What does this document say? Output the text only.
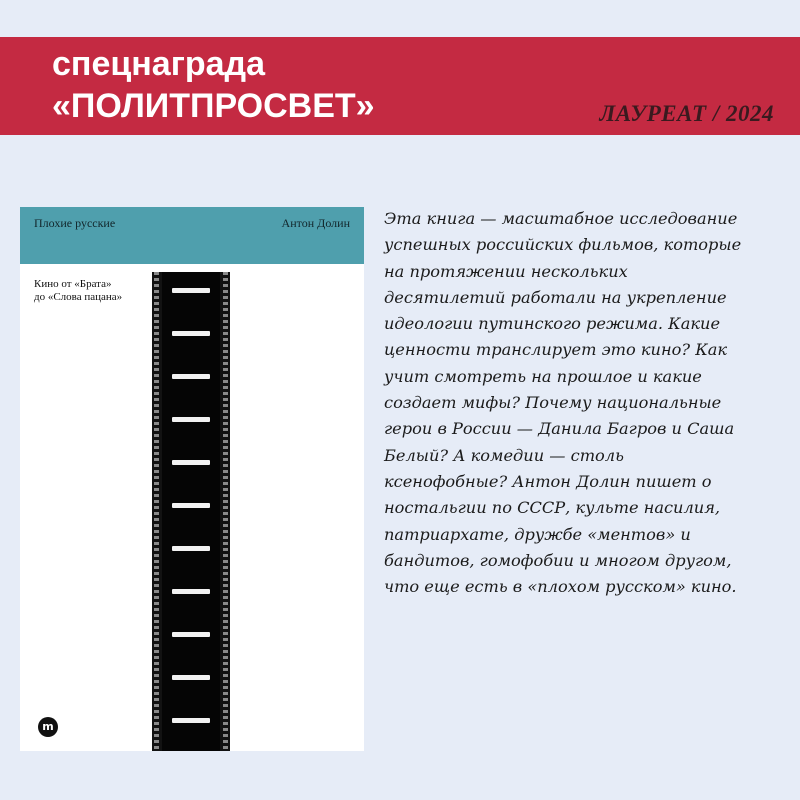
спецнаграда
«ПОЛИТПРОСВЕТ»	ЛАУРЕАТ / 2024
Плохие русские	Антон Долин
Кино от «Брата»
до «Слова пацана»
m
Эта книга — масштабное исследование
успешных российских фильмов, которые
на протяжении нескольких
десятилетий работали на укрепление
идеологии путинского режима. Какие
ценности транслирует это кино? Как
учит смотреть на прошлое и какие
создает мифы? Почему национальные
герои в России — Данила Багров и Саша
Белый? А комедии — столь
ксенофобные? Антон Долин пишет о
ностальгии по СССР, культе насилия,
патриархате, дружбе «ментов» и
бандитов, гомофобии и многом другом,
что еще есть в «плохом русском» кино.
